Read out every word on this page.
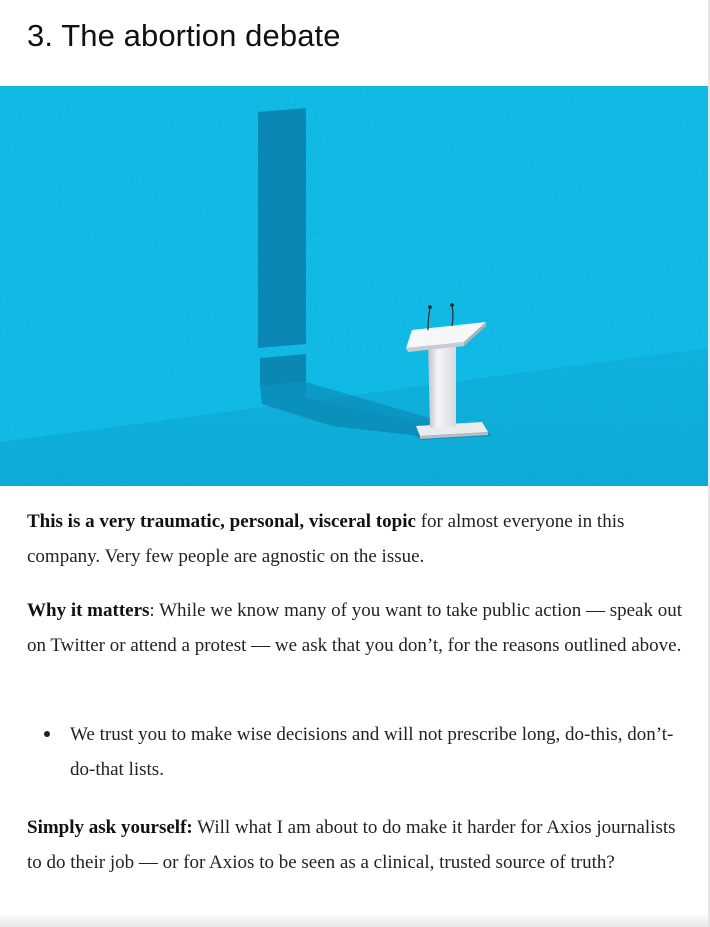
3. The abortion debate

This is a very traumatic, personal, visceral topic for almost everyone in this company. Very few people are agnostic on the issue.

Why it matters: While we know many of you want to take public action — speak out on Twitter or attend a protest — we ask that you don’t, for the reasons outlined above.

We trust you to make wise decisions and will not prescribe long, do-this, don’t-do-that lists.

Simply ask yourself: Will what I am about to do make it harder for Axios journalists to do their job — or for Axios to be seen as a clinical, trusted source of truth?
